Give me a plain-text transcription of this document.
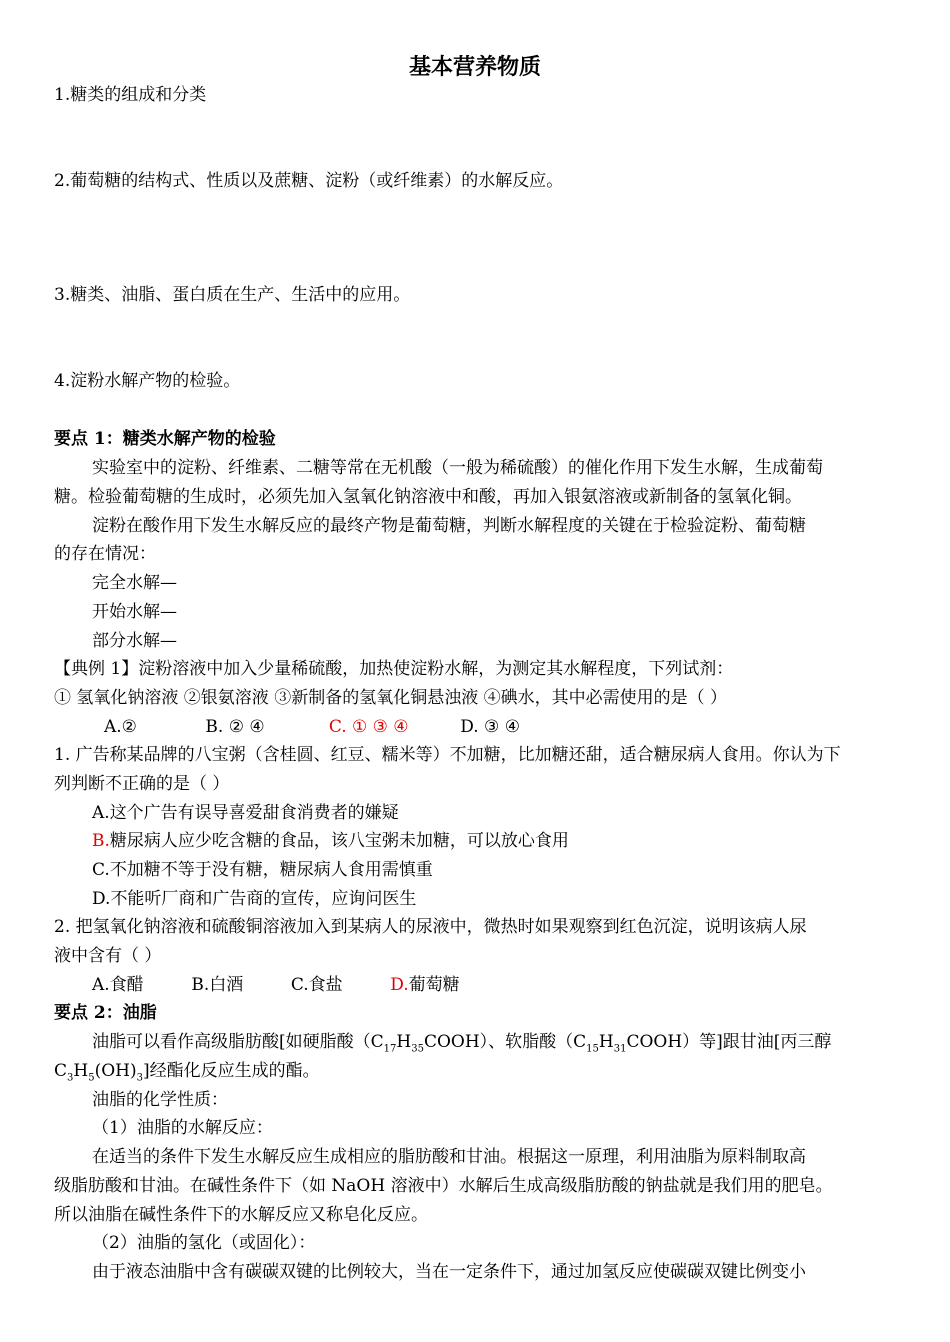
基本营养物质
1.糖类的组成和分类
2.葡萄糖的结构式、性质以及蔗糖、淀粉（或纤维素）的水解反应。
3.糖类、油脂、蛋白质在生产、生活中的应用。
4.淀粉水解产物的检验。
要点 1：糖类水解产物的检验
实验室中的淀粉、纤维素、二糖等常在无机酸（一般为稀硫酸）的催化作用下发生水解，生成葡萄
糖。检验葡萄糖的生成时，必须先加入氢氧化钠溶液中和酸，再加入银氨溶液或新制备的氢氧化铜。
淀粉在酸作用下发生水解反应的最终产物是葡萄糖，判断水解程度的关键在于检验淀粉、葡萄糖
的存在情况：
完全水解—
开始水解—
部分水解—
【典例 1】淀粉溶液中加入少量稀硫酸，加热使淀粉水解，为测定其水解程度，下列试剂：
① 氢氧化钠溶液 ②银氨溶液 ③新制备的氢氧化铜悬浊液 ④碘水，其中必需使用的是（ ）
A.②	B. ② ④	C. ① ③ ④	D. ③ ④
1. 广告称某品牌的八宝粥（含桂圆、红豆、糯米等）不加糖，比加糖还甜，适合糖尿病人食用。你认为下
列判断不正确的是（ ）
A.这个广告有误导喜爱甜食消费者的嫌疑
B.糖尿病人应少吃含糖的食品，该八宝粥未加糖，可以放心食用
C.不加糖不等于没有糖，糖尿病人食用需慎重
D.不能听厂商和广告商的宣传，应询问医生
2. 把氢氧化钠溶液和硫酸铜溶液加入到某病人的尿液中，微热时如果观察到红色沉淀，说明该病人尿
液中含有（ ）
A.食醋	B.白酒	C.食盐	D.葡萄糖
要点 2：油脂
油脂可以看作高级脂肪酸[如硬脂酸$(C_{17}H_{35}COOH)$、软脂酸$(C_{15}H_{31}COOH)$等]跟甘油[丙三醇
$C_3H_5(OH)_3$]经酯化反应生成的酯。
油脂的化学性质：
（1）油脂的水解反应：
在适当的条件下发生水解反应生成相应的脂肪酸和甘油。根据这一原理，利用油脂为原料制取高
级脂肪酸和甘油。在碱性条件下（如 NaOH 溶液中）水解后生成高级脂肪酸的钠盐就是我们用的肥皂。
所以油脂在碱性条件下的水解反应又称皂化反应。
（2）油脂的氢化（或固化）：
由于液态油脂中含有碳碳双键的比例较大，当在一定条件下，通过加氢反应使碳碳双键比例变小
